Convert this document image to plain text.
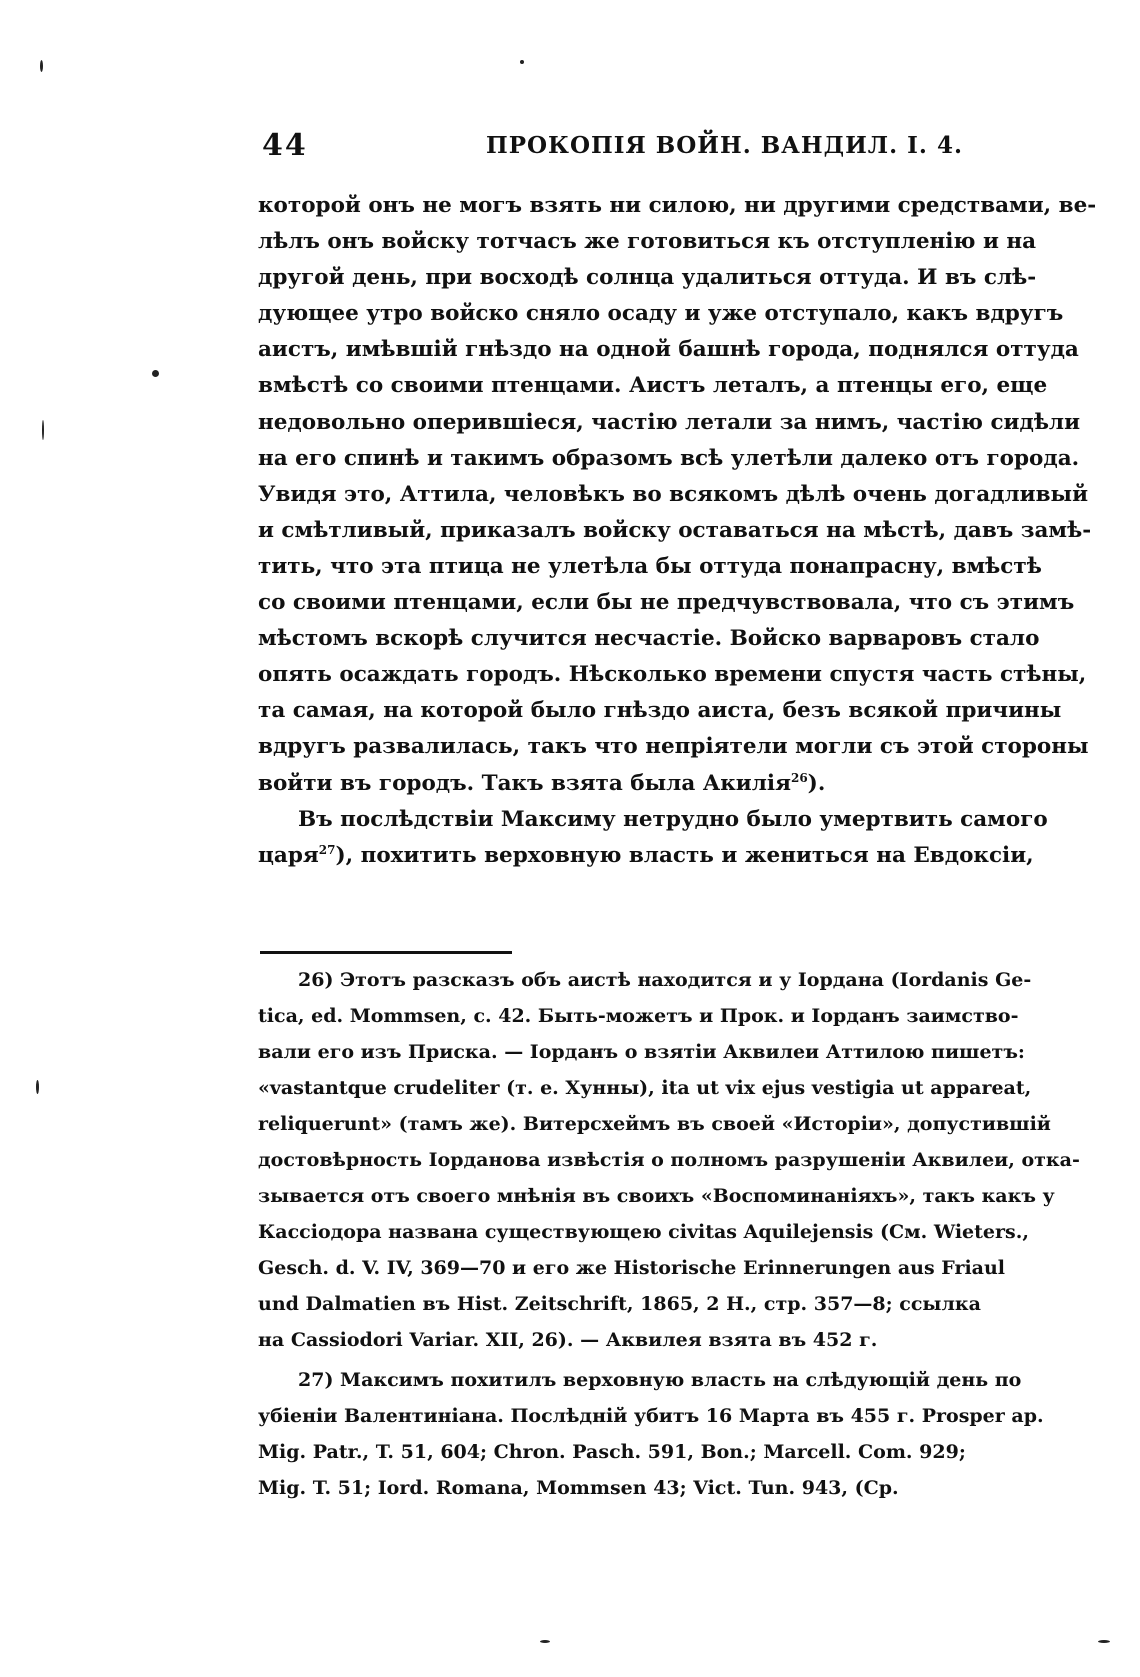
44	ПРОКОПІЯ ВОЙН. ВАНДИЛ. I. 4.
которой онъ не могъ взять ни силою, ни другими средствами, ве-
лѣлъ онъ войску тотчасъ же готовиться къ отступленію и на
другой день, при восходѣ солнца удалиться оттуда. И въ слѣ-
дующее утро войско сняло осаду и уже отступало, какъ вдругъ
аистъ, имѣвшій гнѣздо на одной башнѣ города, поднялся оттуда
вмѣстѣ со своими птенцами. Аистъ леталъ, а птенцы его, еще
недовольно оперившіеся, частію летали за нимъ, частію сидѣли
на его спинѣ и такимъ образомъ всѣ улетѣли далеко отъ города.
Увидя это, Аттила, человѣкъ во всякомъ дѣлѣ очень догадливый
и смѣтливый, приказалъ войску оставаться на мѣстѣ, давъ замѣ-
тить, что эта птица не улетѣла бы оттуда понапрасну, вмѣстѣ
со своими птенцами, если бы не предчувствовала, что съ этимъ
мѣстомъ вскорѣ случится несчастіе. Войско варваровъ стало
опять осаждать городъ. Нѣсколько времени спустя часть стѣны,
та самая, на которой было гнѣздо аиста, безъ всякой причины
вдругъ развалилась, такъ что непріятели могли съ этой стороны
войти въ городъ. Такъ взята была Акилія$^{26}$).
Въ послѣдствіи Максиму нетрудно было умертвить самого
царя$^{27}$), похитить верховную власть и жениться на Евдоксіи,
26) Этотъ разсказъ объ аистѣ находится и у Іордана (Iordanis Ge-
tica, ed. Mommsen, c. 42. Быть-можетъ и Прок. и Іорданъ заимство-
вали его изъ Приска. — Іорданъ о взятіи Аквилеи Аттилою пишетъ:
«vastantque crudeliter (т. е. Хунны), ita ut vix ejus vestigia ut appareat,
reliquerunt» (тамъ же). Витерсхеймъ въ своей «Исторіи», допустившій
достовѣрность Іорданова извѣстія о полномъ разрушеніи Аквилеи, отка-
зывается отъ своего мнѣнія въ своихъ «Воспоминаніяхъ», такъ какъ у
Кассіодора названа существующею civitas Aquilejensis (Cм. Wieters.,
Gesch. d. V. IV, 369—70 и его же Historische Erinnerungen aus Friaul
und Dalmatien въ Hist. Zeitschrift, 1865, 2 H., стр. 357—8; ссылка
на Cassiodori Variar. XII, 26). — Аквилея взята въ 452 г.
27) Максимъ похитилъ верховную власть на слѣдующій день по
убіеніи Валентиніана. Послѣдній убитъ 16 Марта въ 455 г. Prosper ap.
Mig. Patr., T. 51, 604; Chron. Pasch. 591, Bon.; Marcell. Com. 929;
Mig. T. 51; Iord. Romana, Mommsen 43; Vict. Tun. 943, (Cp.
